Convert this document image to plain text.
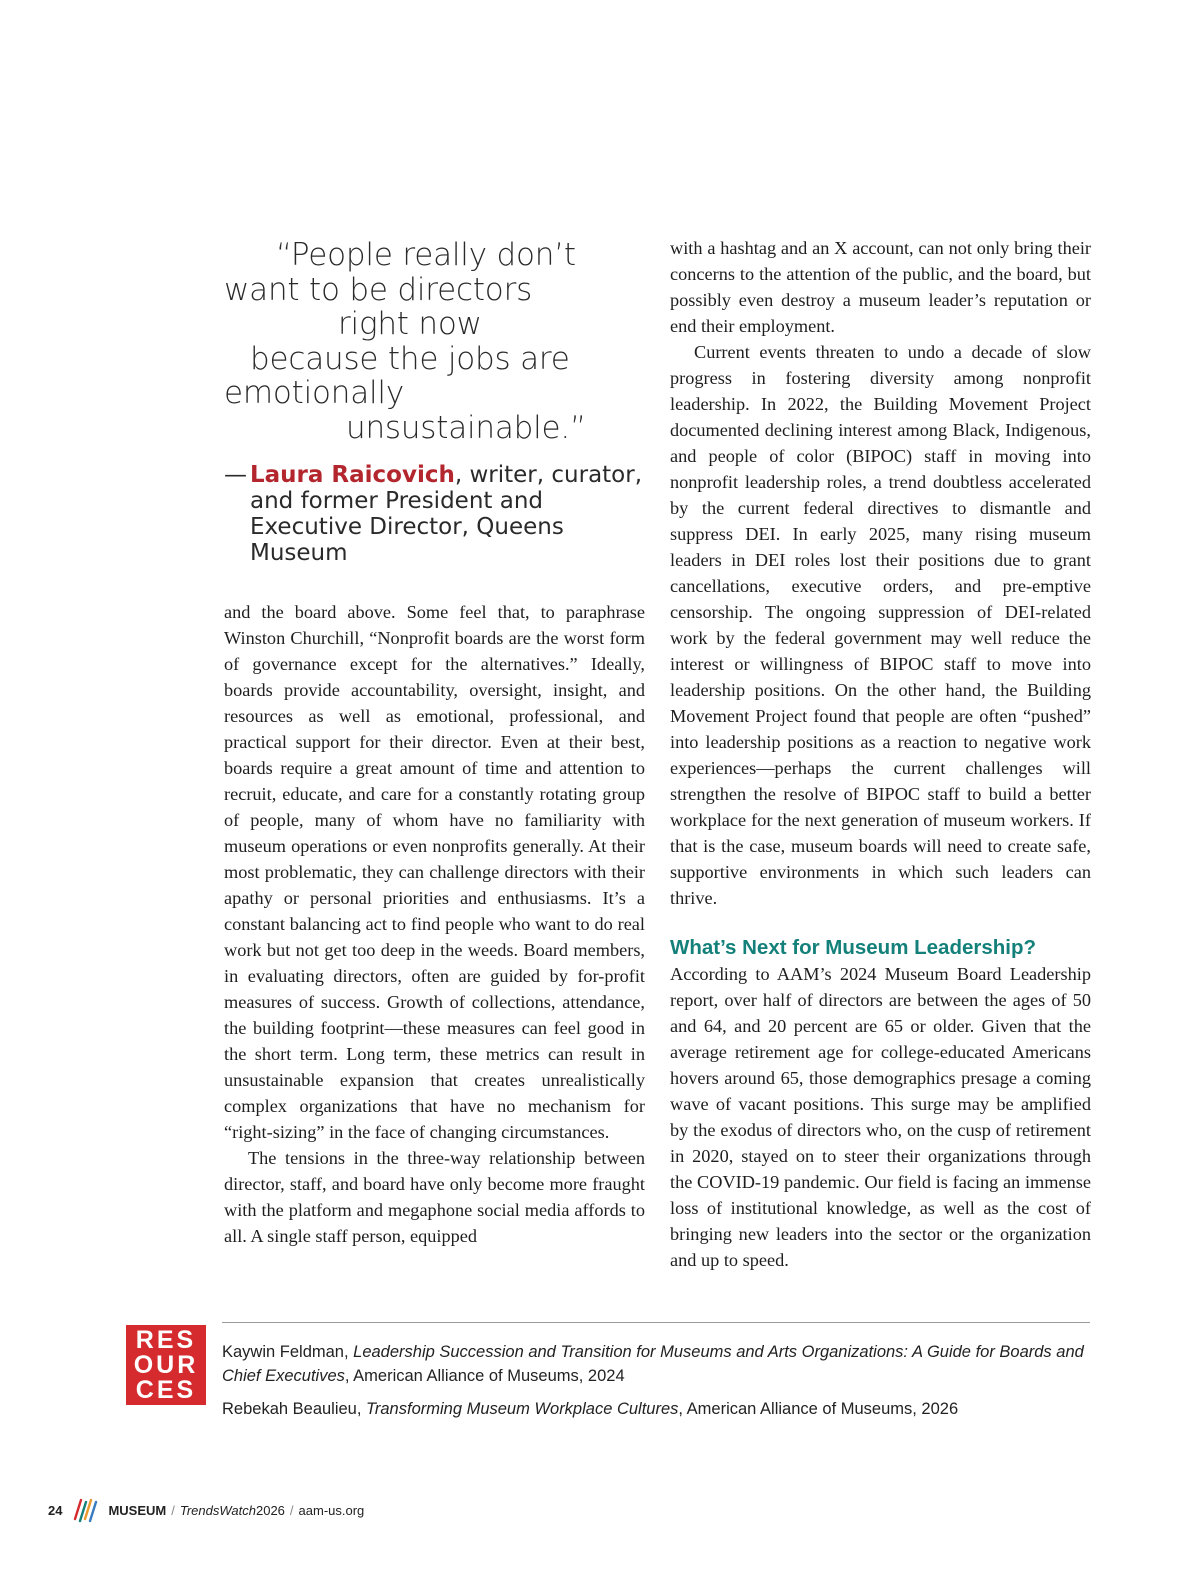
“People really don’t
want to be directors
right now
because the jobs are
emotionally
unsustainable.”
— Laura Raicovich, writer, curator, and former President and Executive Director, Queens Museum

and the board above. Some feel that, to paraphrase Winston Churchill, “Nonprofit boards are the worst form of governance except for the alternatives.” Ideally, boards provide accountability, oversight, insight, and resources as well as emotional, professional, and practical support for their director. Even at their best, boards require a great amount of time and attention to recruit, educate, and care for a constantly rotating group of people, many of whom have no familiarity with museum operations or even nonprofits generally. At their most problematic, they can challenge directors with their apathy or personal priorities and enthusiasms. It’s a constant balancing act to find people who want to do real work but not get too deep in the weeds. Board members, in evaluating directors, often are guided by for-profit measures of success. Growth of collections, attendance, the building footprint—these measures can feel good in the short term. Long term, these metrics can result in unsustainable expansion that creates unrealistically complex organizations that have no mechanism for “right-sizing” in the face of changing circumstances.

The tensions in the three-way relationship between director, staff, and board have only become more fraught with the platform and megaphone social media affords to all. A single staff person, equipped

with a hashtag and an X account, can not only bring their concerns to the attention of the public, and the board, but possibly even destroy a museum leader’s reputation or end their employment.

Current events threaten to undo a decade of slow progress in fostering diversity among nonprofit leadership. In 2022, the Building Movement Project documented declining interest among Black, Indigenous, and people of color (BIPOC) staff in moving into nonprofit leadership roles, a trend doubtless accelerated by the current federal directives to dismantle and suppress DEI. In early 2025, many rising museum leaders in DEI roles lost their positions due to grant cancellations, executive orders, and pre-emptive censorship. The ongoing suppression of DEI-related work by the federal government may well reduce the interest or willingness of BIPOC staff to move into leadership positions. On the other hand, the Building Movement Project found that people are often “pushed” into leadership positions as a reaction to negative work experiences—perhaps the current challenges will strengthen the resolve of BIPOC staff to build a better workplace for the next generation of museum workers. If that is the case, museum boards will need to create safe, supportive environments in which such leaders can thrive.

What’s Next for Museum Leadership?

According to AAM’s 2024 Museum Board Leadership report, over half of directors are between the ages of 50 and 64, and 20 percent are 65 or older. Given that the average retirement age for college-educated Americans hovers around 65, those demographics presage a coming wave of vacant positions. This surge may be amplified by the exodus of directors who, on the cusp of retirement in 2020, stayed on to steer their organizations through the COVID-19 pandemic. Our field is facing an immense loss of institutional knowledge, as well as the cost of bringing new leaders into the sector or the organization and up to speed.

RES
OUR
CES
Kaywin Feldman, Leadership Succession and Transition for Museums and Arts Organizations: A Guide for Boards and Chief Executives, American Alliance of Museums, 2024
Rebekah Beaulieu, Transforming Museum Workplace Cultures, American Alliance of Museums, 2026
24	MUSEUM / TrendsWatch 2026 / aam-us.org
